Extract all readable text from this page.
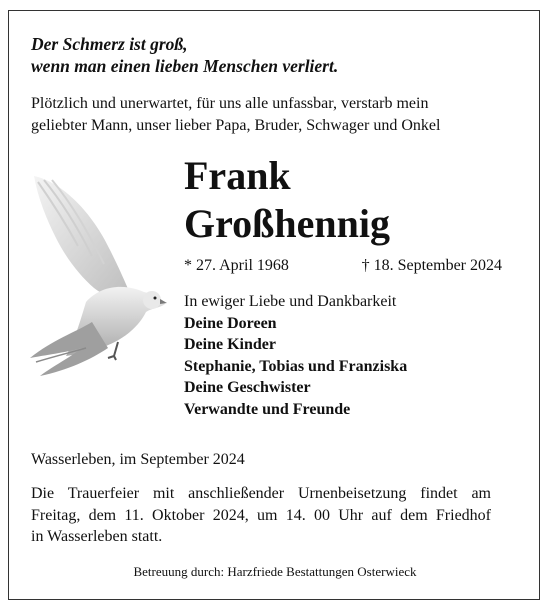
Der Schmerz ist groß,
wenn man einen lieben Menschen verliert.
Plötzlich und unerwartet, für uns alle unfassbar, verstarb mein
geliebter Mann, unser lieber Papa, Bruder, Schwager und Onkel
Frank
Großhennig
* 27. April 1968	† 18. September 2024
In ewiger Liebe und Dankbarkeit
Deine Doreen
Deine Kinder
Stephanie, Tobias und Franziska
Deine Geschwister
Verwandte und Freunde
Wasserleben, im September 2024
Die Trauerfeier mit anschließender Urnenbeisetzung findet am
Freitag, dem 11. Oktober 2024, um 14. 00 Uhr auf dem Friedhof
in Wasserleben statt.
Betreuung durch: Harzfriede Bestattungen Osterwieck
